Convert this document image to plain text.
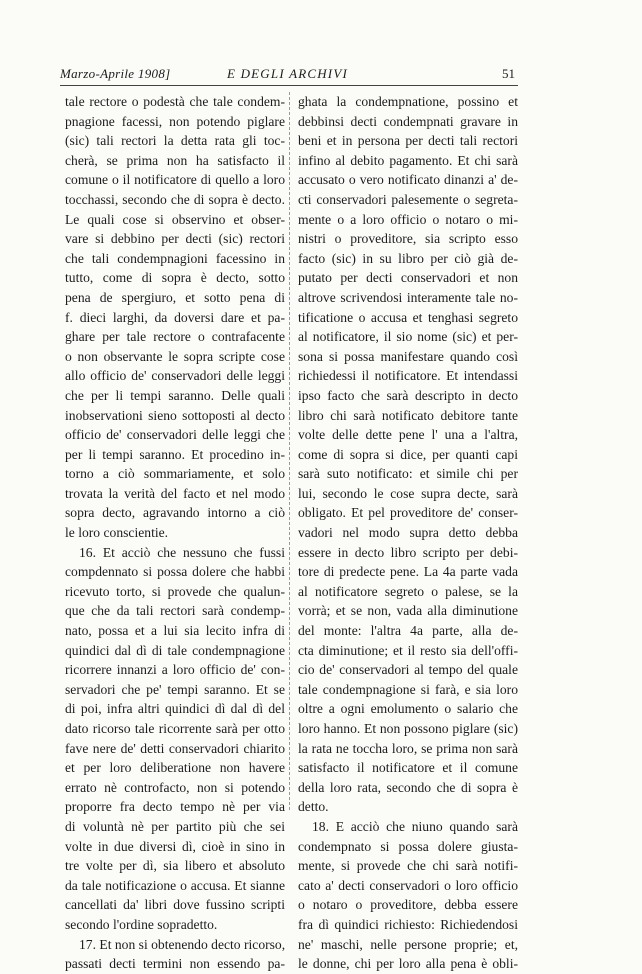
Marzo-Aprile 1908]	E DEGLI ARCHIVI	51
tale rectore o podestà che tale condem-
pnagione facessi, non potendo piglare
(sic) tali rectori la detta rata gli toc-
cherà, se prima non ha satisfacto il
comune o il notificatore di quello a loro
tocchassi, secondo che di sopra è decto.
Le quali cose si observino et obser-
vare si debbino per decti (sic) rectori
che tali condempnagioni facessino in
tutto, come di sopra è decto, sotto
pena de spergiuro, et sotto pena di
f. dieci larghi, da doversi dare et pa-
ghare per tale rectore o contrafacente
o non observante le sopra scripte cose
allo officio de' conservadori delle leggi
che per li tempi saranno. Delle quali
inobservationi sieno sottoposti al decto
officio de' conservadori delle leggi che
per li tempi saranno. Et procedino in-
torno a ciò sommariamente, et solo
trovata la verità del facto et nel modo
sopra decto, agravando intorno a ciò
le loro conscientie.
16. Et acciò che nessuno che fussi
compdennato si possa dolere che habbi
ricevuto torto, si provede che qualun-
que che da tali rectori sarà condemp-
nato, possa et a lui sia lecito infra di
quindici dal dì di tale condempnagione
ricorrere innanzi a loro officio de' con-
servadori che pe' tempi saranno. Et se
di poi, infra altri quindici dì dal dì del
dato ricorso tale ricorrente sarà per otto
fave nere de' detti conservadori chiarito
et per loro deliberatione non havere
errato nè controfacto, non si potendo
proporre fra decto tempo nè per via
di voluntà nè per partito più che sei
volte in due diversi dì, cioè in sino in
tre volte per dì, sia libero et absoluto
da tale notificazione o accusa. Et sianne
cancellati da' libri dove fussino scripti
secondo l'ordine sopradetto.
17. Et non si obtenendo decto ricorso,
passati decti termini non essendo pa-
ghata la condempnatione, possino et
debbinsi decti condempnati gravare in
beni et in persona per decti tali rectori
infino al debito pagamento. Et chi sarà
accusato o vero notificato dinanzi a' de-
cti conservadori palesemente o segreta-
mente o a loro officio o notaro o mi-
nistri o proveditore, sia scripto esso
facto (sic) in su libro per ciò già de-
putato per decti conservadori et non
altrove scrivendosi interamente tale no-
tificatione o accusa et tenghasi segreto
al notificatore, il sio nome (sic) et per-
sona si possa manifestare quando così
richiedessi il notificatore. Et intendassi
ipso facto che sarà descripto in decto
libro chi sarà notificato debitore tante
volte delle dette pene l' una a l'altra,
come di sopra si dice, per quanti capi
sarà suto notificato: et simile chi per
lui, secondo le cose supra decte, sarà
obligato. Et pel proveditore de' conser-
vadori nel modo supra detto debba
essere in decto libro scripto per debi-
tore di predecte pene. La 4a parte vada
al notificatore segreto o palese, se la
vorrà; et se non, vada alla diminutione
del monte: l'altra 4a parte, alla de-
cta diminutione; et il resto sia dell'offi-
cio de' conservadori al tempo del quale
tale condempnagione si farà, e sia loro
oltre a ogni emolumento o salario che
loro hanno. Et non possono piglare (sic)
la rata ne toccha loro, se prima non sarà
satisfacto il notificatore et il comune
della loro rata, secondo che di sopra è
detto.
18. E acciò che niuno quando sarà
condempnato si possa dolere giusta-
mente, si provede che chi sarà notifi-
cato a' decti conservadori o loro officio
o notaro o proveditore, debba essere
fra dì quindici richiesto: Richiedendosi
ne' maschi, nelle persone proprie; et,
le donne, chi per loro alla pena è obli-
